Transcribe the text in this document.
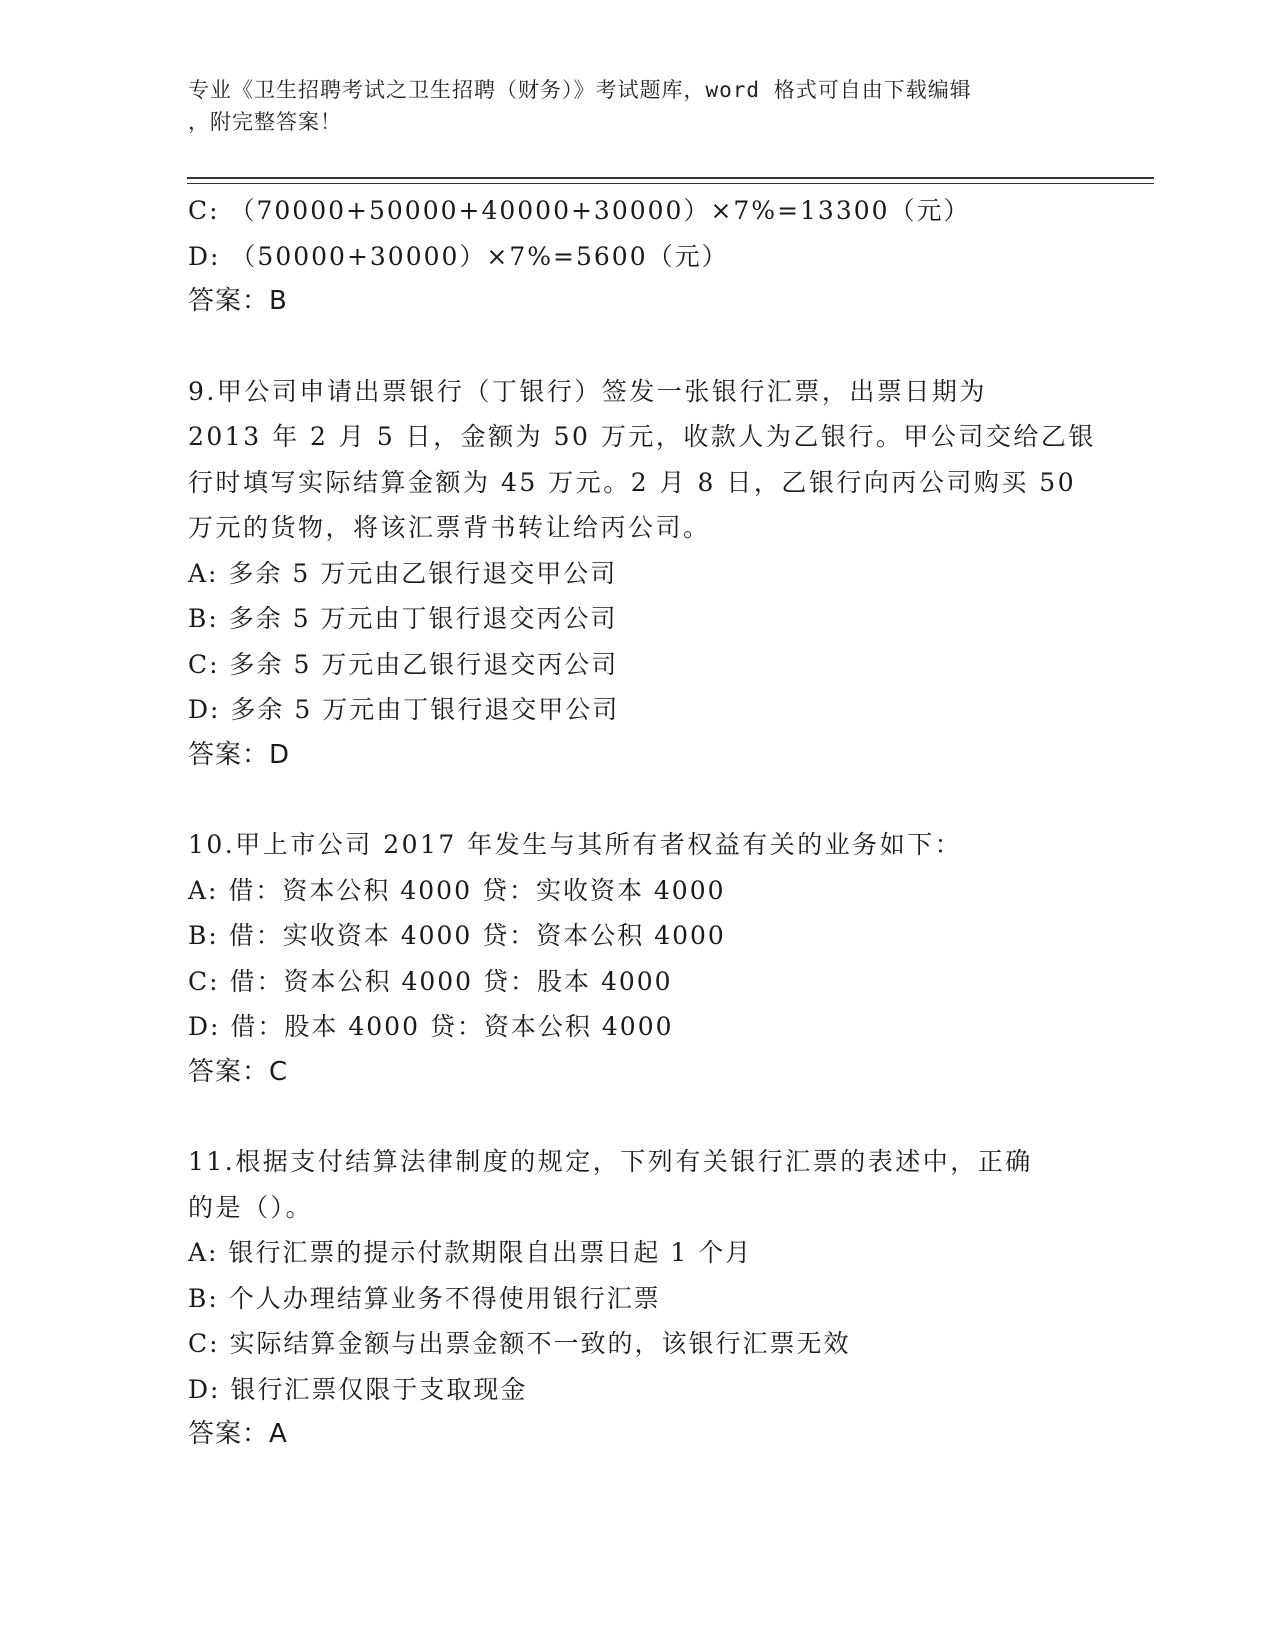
专业《卫生招聘考试之卫生招聘（财务）》考试题库，word 格式可自由下载编辑
，附完整答案！
C: （70000+50000+40000+30000）×7%=13300（元）
D: （50000+30000）×7%=5600（元）
答案：B
9.甲公司申请出票银行（丁银行）签发一张银行汇票，出票日期为
2013 年 2 月 5 日，金额为 50 万元，收款人为乙银行。甲公司交给乙银
行时填写实际结算金额为 45 万元。2 月 8 日，乙银行向丙公司购买 50
万元的货物，将该汇票背书转让给丙公司。
A: 多余 5 万元由乙银行退交甲公司
B: 多余 5 万元由丁银行退交丙公司
C: 多余 5 万元由乙银行退交丙公司
D: 多余 5 万元由丁银行退交甲公司
答案：D
10.甲上市公司 2017 年发生与其所有者权益有关的业务如下：
A: 借：资本公积 4000 贷：实收资本 4000
B: 借：实收资本 4000 贷：资本公积 4000
C: 借：资本公积 4000 贷：股本 4000
D: 借：股本 4000 贷：资本公积 4000
答案：C
11.根据支付结算法律制度的规定，下列有关银行汇票的表述中，正确
的是（）。
A: 银行汇票的提示付款期限自出票日起 1 个月
B: 个人办理结算业务不得使用银行汇票
C: 实际结算金额与出票金额不一致的，该银行汇票无效
D: 银行汇票仅限于支取现金
答案：A
